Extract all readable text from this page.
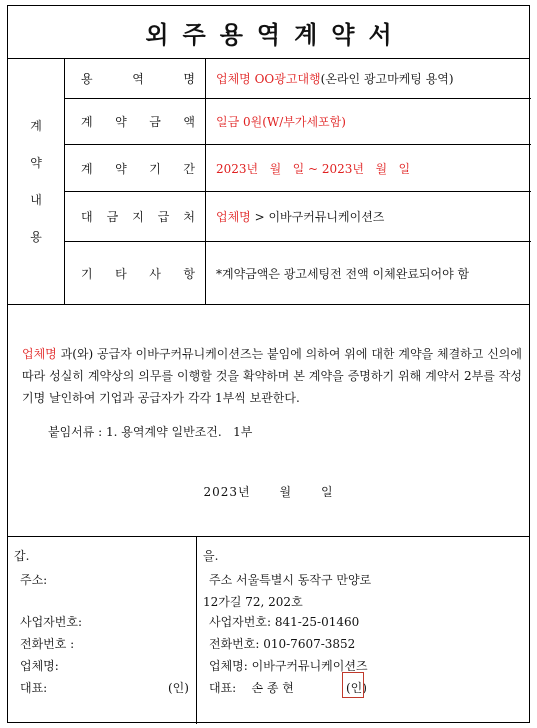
외주용역계약서
계
약
내
용
용	역	명	업체명 OO광고대행(온라인 광고마케팅 용역)
계 약 금 액	일금 0원(W/부가세포함)
계 약 기 간	2023년   월   일 ~ 2023년   월   일
대 금 지 급 처	업체명 > 이바구커뮤니케이션즈
기 타 사 항	*계약금액은 광고세팅전 전액 이체완료되어야 함
업체명 과(와) 공급자 이바구커뮤니케이션즈는 붙임에 의하여 위에 대한 계약을 체결하고 신의에 따라 성실히 계약상의 의무를 이행할 것을 확약하며 본 계약을 증명하기 위해 계약서 2부를 작성 기명 날인하여 기업과 공급자가 각각 1부씩 보관한다.
붙임서류 : 1. 용역계약 일반조건.   1부
2023년      월      일
갑.
주소:
사업자번호:
전화번호 :
업체명:
대표:	(인)
을.
주소 서울특별시 동작구 만양로
12가길 72, 202호
사업자번호: 841-25-01460
전화번호: 010-7607-3852
업체명: 이바구커뮤니케이션즈
대표:    손 종 현	(인)
